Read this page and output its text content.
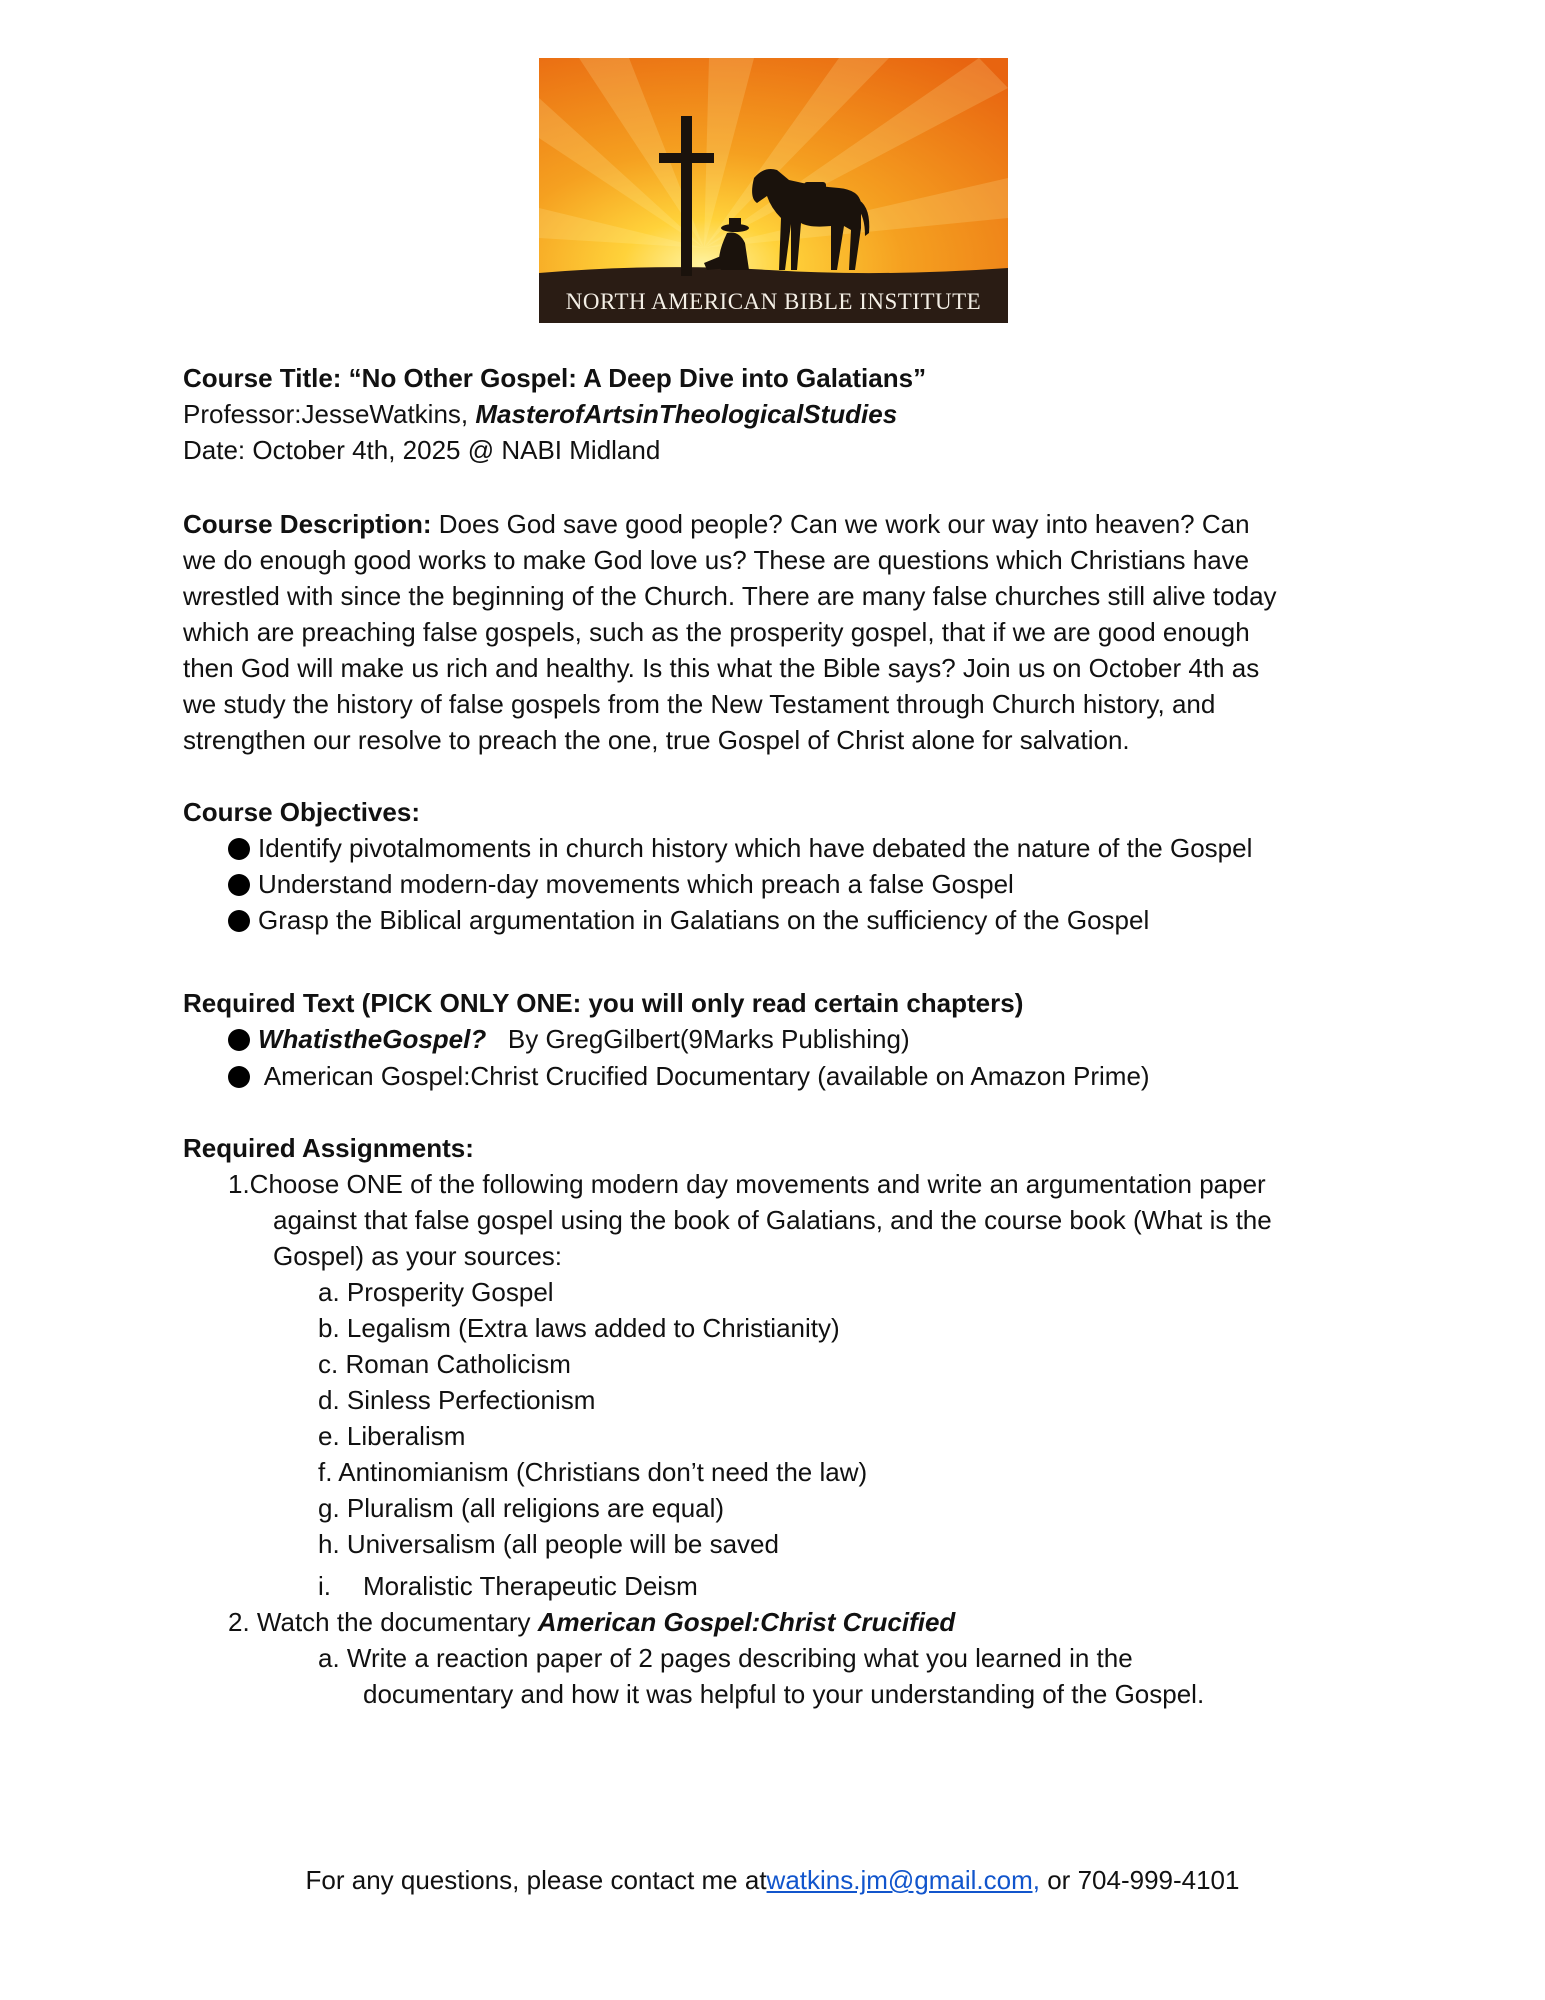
NORTH AMERICAN BIBLE INSTITUTE
Course Title: “No Other Gospel: A Deep Dive into Galatians”
Professor:JesseWatkins, MasterofArtsinTheologicalStudies
Date: October 4th, 2025 @ NABI Midland
Course Description: Does God save good people? Can we work our way into heaven? Can
we do enough good works to make God love us? These are questions which Christians have
wrestled with since the beginning of the Church. There are many false churches still alive today
which are preaching false gospels, such as the prosperity gospel, that if we are good enough
then God will make us rich and healthy. Is this what the Bible says? Join us on October 4th as
we study the history of false gospels from the New Testament through Church history, and
strengthen our resolve to preach the one, true Gospel of Christ alone for salvation.
Course Objectives:
Identify pivotalmoments in church history which have debated the nature of the Gospel
Understand modern-day movements which preach a false Gospel
Grasp the Biblical argumentation in Galatians on the sufficiency of the Gospel
Required Text (PICK ONLY ONE: you will only read certain chapters)
WhatistheGospel?   By GregGilbert(9Marks Publishing)
American Gospel:Christ Crucified Documentary (available on Amazon Prime)
Required Assignments:
1.Choose ONE of the following modern day movements and write an argumentation paper
against that false gospel using the book of Galatians, and the course book (What is the
Gospel) as your sources:
a. Prosperity Gospel
b. Legalism (Extra laws added to Christianity)
c. Roman Catholicism
d. Sinless Perfectionism
e. Liberalism
f. Antinomianism (Christians don’t need the law)
g. Pluralism (all religions are equal)
h. Universalism (all people will be saved
i. Moralistic Therapeutic Deism
2. Watch the documentary American Gospel:Christ Crucified
a. Write a reaction paper of 2 pages describing what you learned in the
documentary and how it was helpful to your understanding of the Gospel.
For any questions, please contact me atwatkins.jm@gmail.com, or 704-999-4101
